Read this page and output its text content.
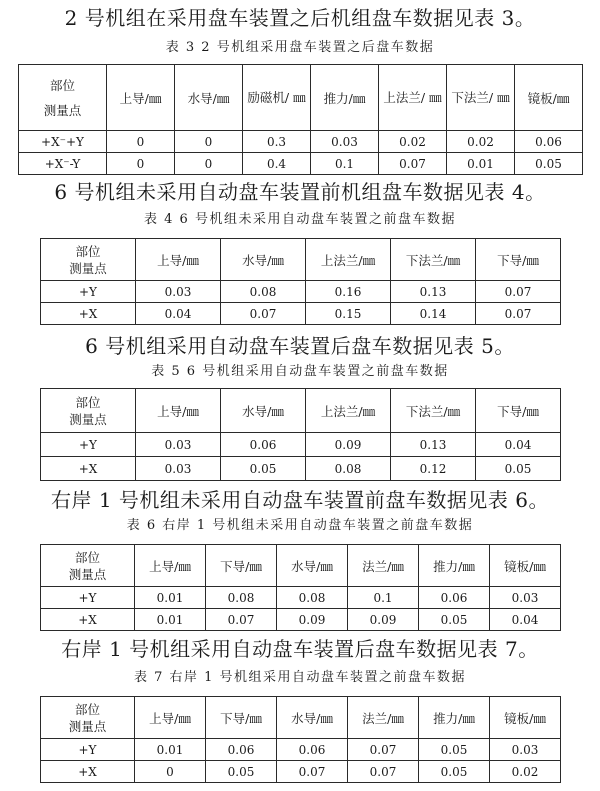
2 号机组在采用盘车装置之后机组盘车数据见表 3。
表 3 2 号机组采用盘车装置之后盘车数据
部位
测量点	上导/㎜	水导/㎜	励磁机/ ㎜	推力/㎜	上法兰/ ㎜	下法兰/ ㎜	镜板/㎜
+X⁻+Y	0	0	0.3	0.03	0.02	0.02	0.06
+X⁻-Y	0	0	0.4	0.1	0.07	0.01	0.05
6 号机组未采用自动盘车装置前机组盘车数据见表 4。
表 4 6 号机组未采用自动盘车装置之前盘车数据
部位
测量点	上导/㎜	水导/㎜	上法兰/㎜	下法兰/㎜	下导/㎜
+Y	0.03	0.08	0.16	0.13	0.07
+X	0.04	0.07	0.15	0.14	0.07
6 号机组采用自动盘车装置后盘车数据见表 5。
表 5 6 号机组采用自动盘车装置之前盘车数据
部位
测量点	上导/㎜	水导/㎜	上法兰/㎜	下法兰/㎜	下导/㎜
+Y	0.03	0.06	0.09	0.13	0.04
+X	0.03	0.05	0.08	0.12	0.05
右岸 1 号机组未采用自动盘车装置前盘车数据见表 6。
表 6 右岸 1 号机组未采用自动盘车装置之前盘车数据
部位
测量点	上导/㎜	下导/㎜	水导/㎜	法兰/㎜	推力/㎜	镜板/㎜
+Y	0.01	0.08	0.08	0.1	0.06	0.03
+X	0.01	0.07	0.09	0.09	0.05	0.04
右岸 1 号机组采用自动盘车装置后盘车数据见表 7。
表 7 右岸 1 号机组采用自动盘车装置之前盘车数据
部位
测量点	上导/㎜	下导/㎜	水导/㎜	法兰/㎜	推力/㎜	镜板/㎜
+Y	0.01	0.06	0.06	0.07	0.05	0.03
+X	0	0.05	0.07	0.07	0.05	0.02
